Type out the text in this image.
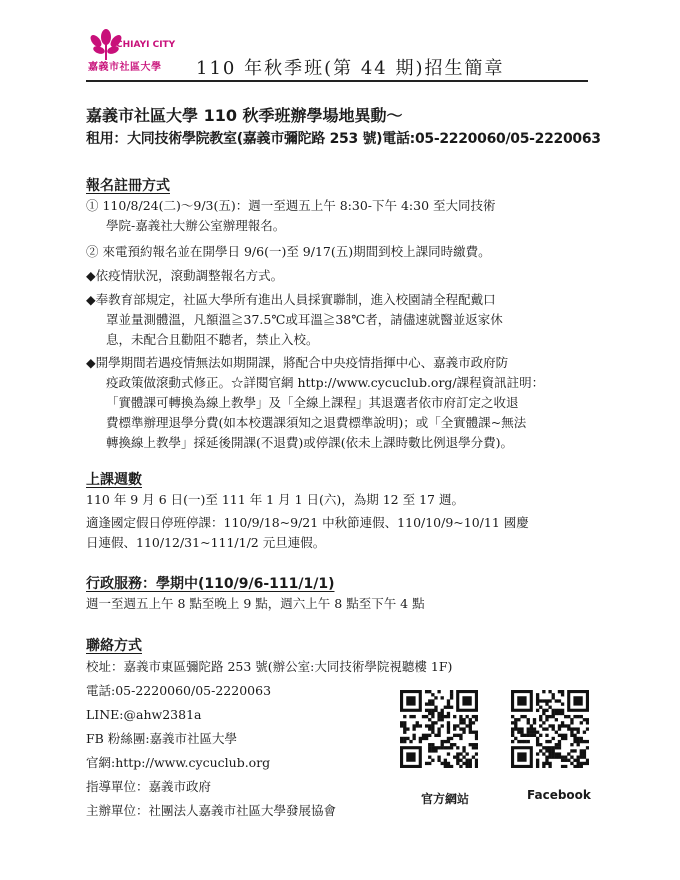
CHIAYI CITY
嘉義市社區大學 110 年秋季班(第 44 期)招生簡章
嘉義市社區大學 110 秋季班辦學場地異動～
租用：大同技術學院教室(嘉義市彌陀路 253 號)電話:05-2220060/05-2220063
報名註冊方式
① 110/8/24(二)～9/3(五)：週一至週五上午 8:30-下午 4:30 至大同技術
學院-嘉義社大辦公室辦理報名。
② 來電預約報名並在開學日 9/6(一)至 9/17(五)期間到校上課同時繳費。
◆依疫情狀況，滾動調整報名方式。
◆奉教育部規定，社區大學所有進出人員採實聯制，進入校園請全程配戴口
罩並量測體溫，凡額溫≧37.5℃或耳溫≧38℃者，請儘速就醫並返家休
息，未配合且勸阻不聽者，禁止入校。
◆開學期間若遇疫情無法如期開課，將配合中央疫情指揮中心、嘉義市政府防
疫政策做滾動式修正。☆詳閱官網 http://www.cycuclub.org/課程資訊註明：
「實體課可轉換為線上教學」及「全線上課程」其退選者依市府訂定之收退
費標準辦理退學分費(如本校選課須知之退費標準說明)；或「全實體課~無法
轉換線上教學」採延後開課(不退費)或停課(依未上課時數比例退學分費)。
上課週數
110 年 9 月 6 日(一)至 111 年 1 月 1 日(六)，為期 12 至 17 週。
適逢國定假日停班停課：110/9/18~9/21 中秋節連假、110/10/9~10/11 國慶
日連假、110/12/31~111/1/2 元旦連假。
行政服務：學期中(110/9/6-111/1/1)
週一至週五上午 8 點至晚上 9 點，週六上午 8 點至下午 4 點
聯絡方式
校址：嘉義市東區彌陀路 253 號(辦公室:大同技術學院視聽樓 1F)
電話:05-2220060/05-2220063
LINE:@ahw2381a
FB 粉絲團:嘉義市社區大學
官網:http://www.cycuclub.org
指導單位：嘉義市政府
主辦單位：社團法人嘉義市社區大學發展協會
官方網站	Facebook
